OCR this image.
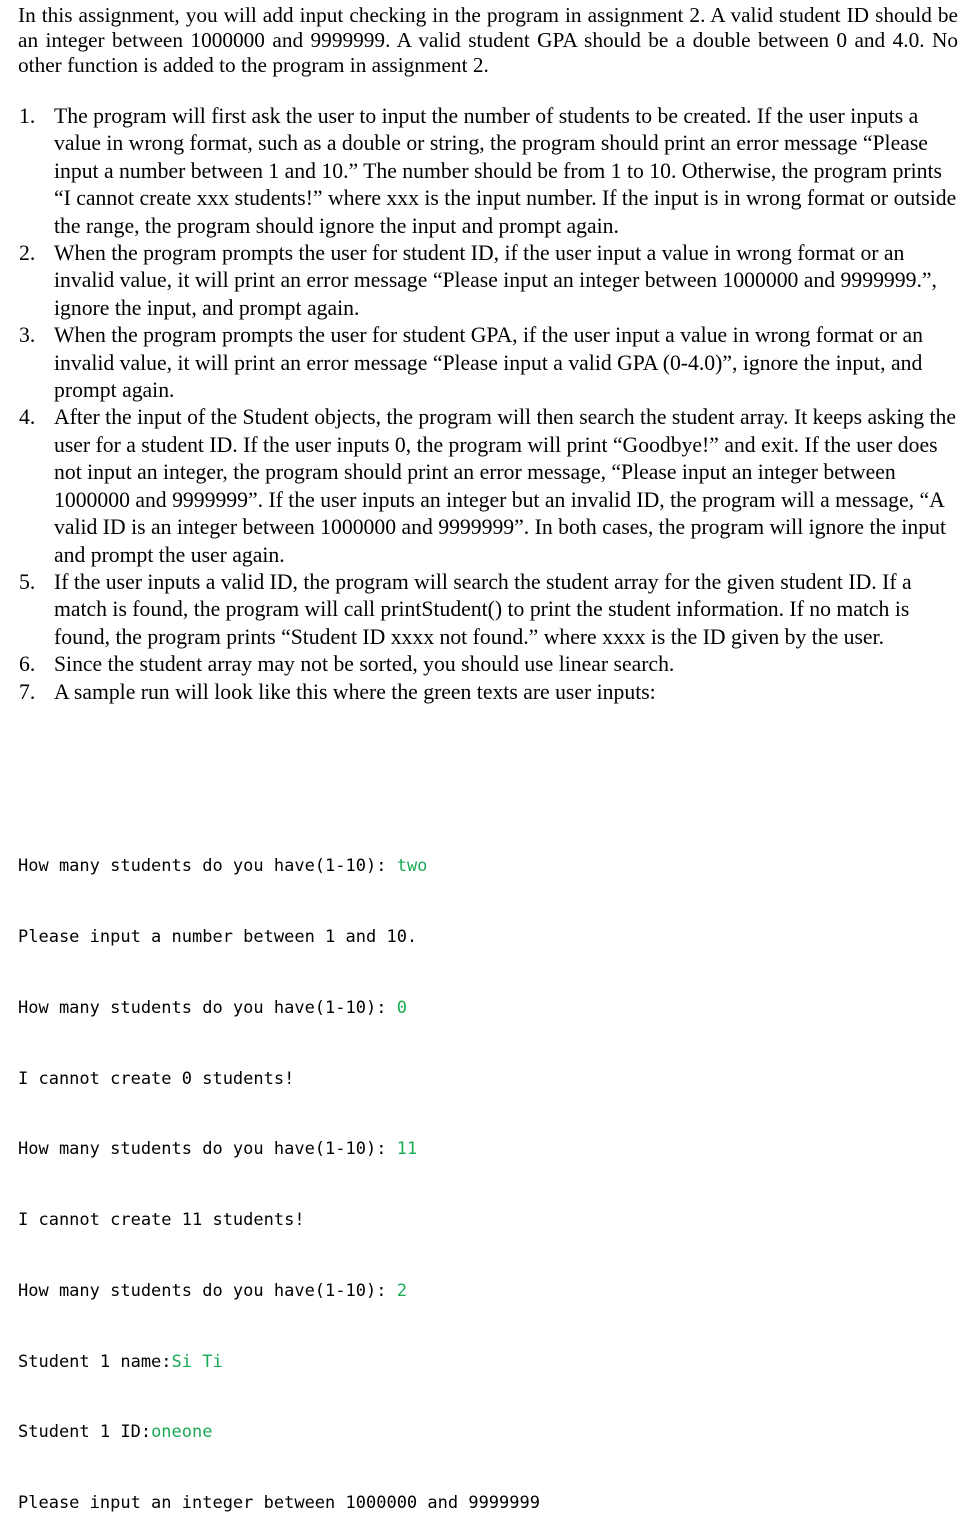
In this assignment, you will add input checking in the program in assignment 2. A valid student ID should be an integer between 1000000 and 9999999. A valid student GPA should be a double between 0 and 4.0. No other function is added to the program in assignment 2.

1. The program will first ask the user to input the number of students to be created. If the user inputs a value in wrong format, such as a double or string, the program should print an error message “Please input a number between 1 and 10.” The number should be from 1 to 10. Otherwise, the program prints “I cannot create xxx students!” where xxx is the input number. If the input is in wrong format or outside the range, the program should ignore the input and prompt again.
2. When the program prompts the user for student ID, if the user input a value in wrong format or an invalid value, it will print an error message “Please input an integer between 1000000 and 9999999.”, ignore the input, and prompt again.
3. When the program prompts the user for student GPA, if the user input a value in wrong format or an invalid value, it will print an error message “Please input a valid GPA (0-4.0)”, ignore the input, and prompt again.
4. After the input of the Student objects, the program will then search the student array. It keeps asking the user for a student ID. If the user inputs 0, the program will print “Goodbye!” and exit. If the user does not input an integer, the program should print an error message, “Please input an integer between 1000000 and 9999999”. If the user inputs an integer but an invalid ID, the program will a message, “A valid ID is an integer between 1000000 and 9999999”. In both cases, the program will ignore the input and prompt the user again.
5. If the user inputs a valid ID, the program will search the student array for the given student ID. If a match is found, the program will call printStudent() to print the student information. If no match is found, the program prints “Student ID xxxx not found.” where xxxx is the ID given by the user.
6. Since the student array may not be sorted, you should use linear search.
7. A sample run will look like this where the green texts are user inputs:

How many students do you have(1-10): two

Please input a number between 1 and 10.

How many students do you have(1-10): 0

I cannot create 0 students!

How many students do you have(1-10): 11

I cannot create 11 students!

How many students do you have(1-10): 2

Student 1 name:Si Ti

Student 1 ID:oneone

Please input an integer between 1000000 and 9999999
